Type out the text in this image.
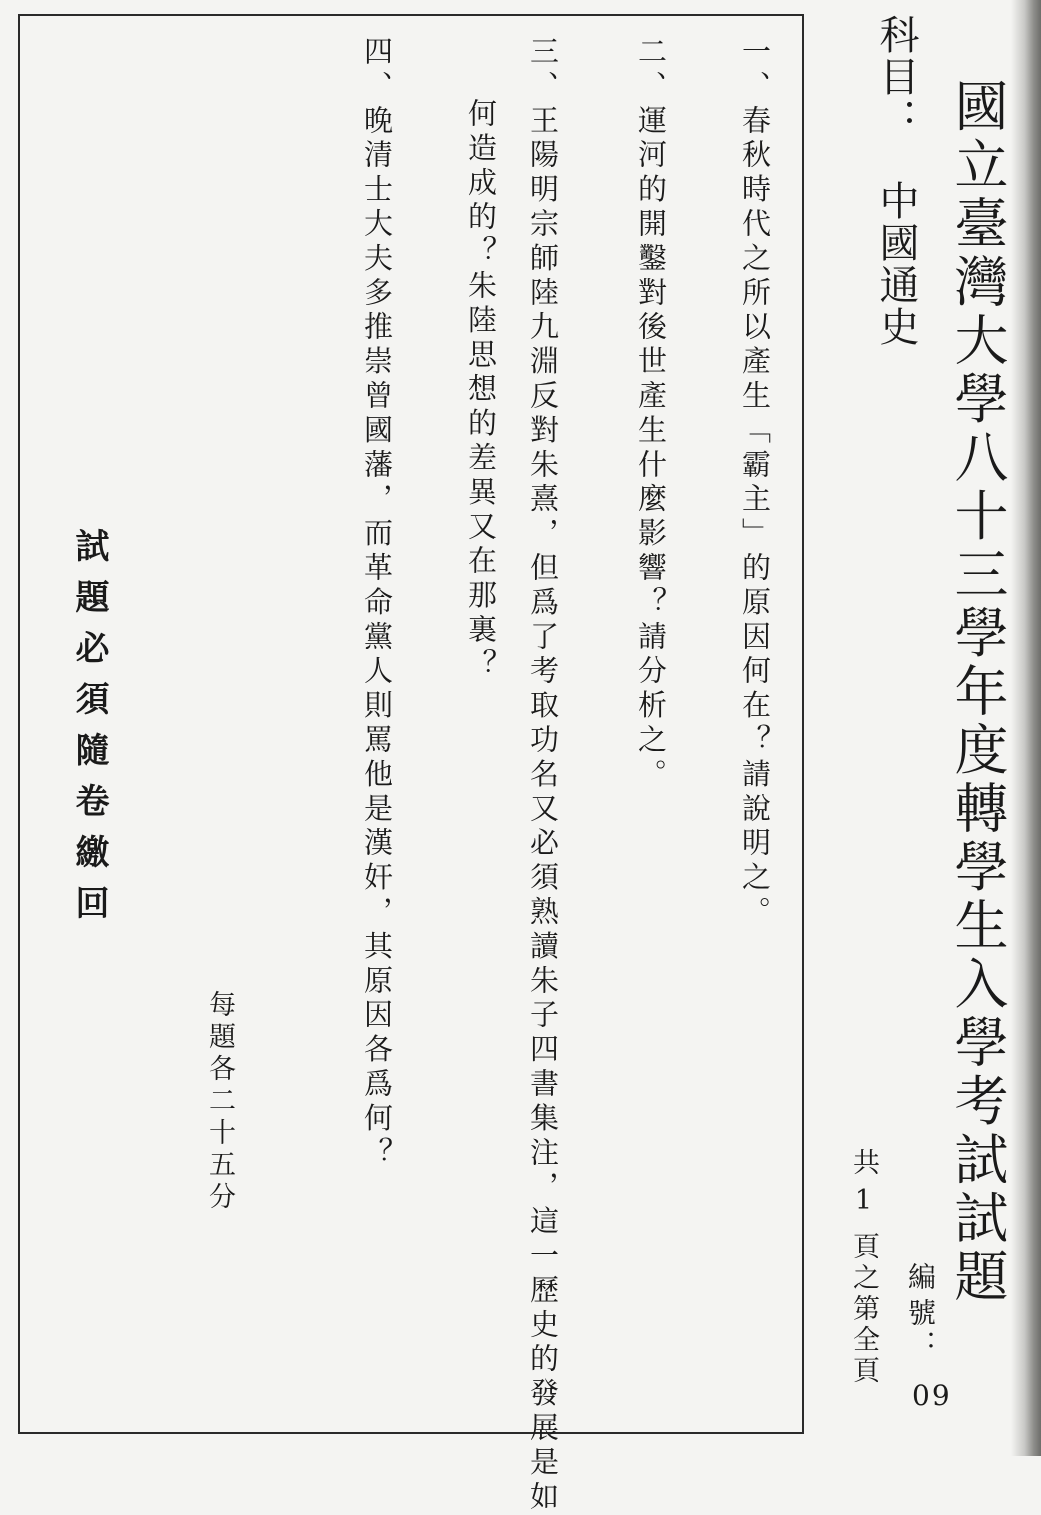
國立臺灣大學八十三學年度轉學生入學考試試題
科目：中國通史
編號
：
09
共1
頁之第全頁
一、春秋時代之所以產生「霸主」的原因何在？請說明之。
二、運河的開鑿對後世產生什麼影響？請分析之。
三、王陽明宗師陸九淵反對朱熹，但爲了考取功名又必須熟讀朱子四書集注，這一歷史的發展是如
何造成的？朱陸思想的差異又在那裏？
四、晚清士大夫多推崇曾國藩，而革命黨人則罵他是漢奸，其原因各爲何？
每題各二十五分
試題必須隨卷繳回
